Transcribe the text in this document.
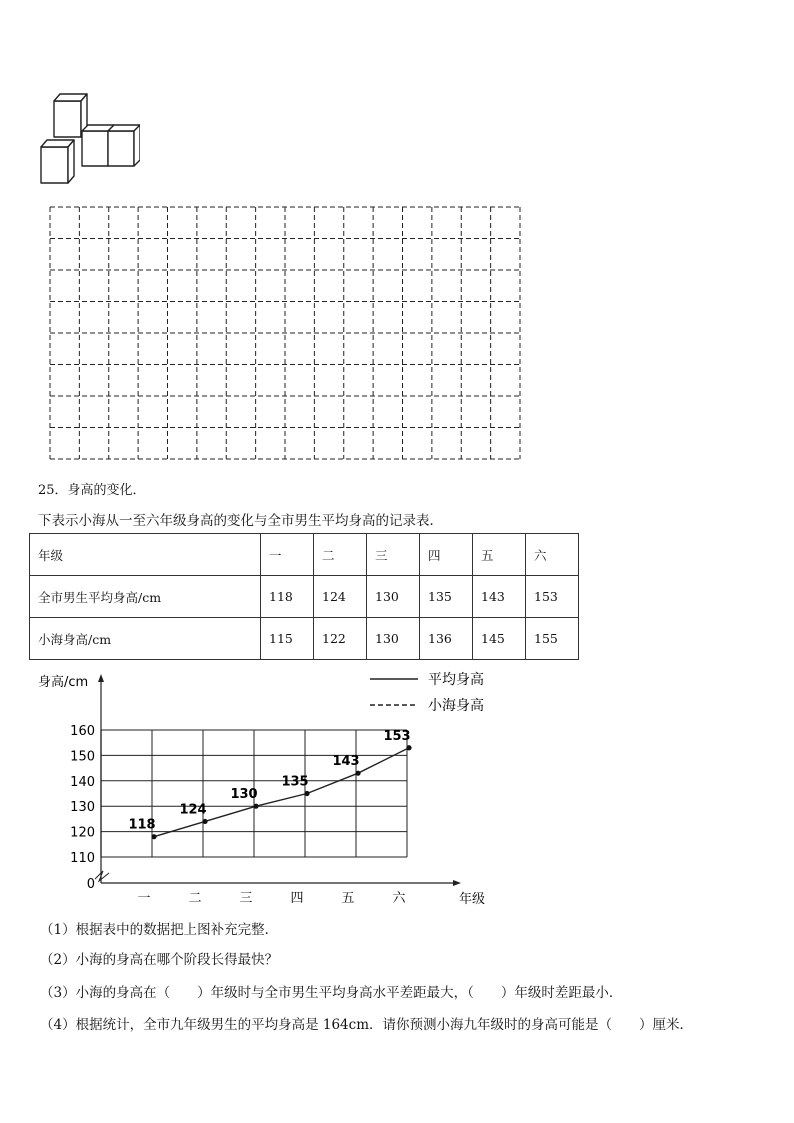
25．身高的变化．
下表示小海从一至六年级身高的变化与全市男生平均身高的记录表．
年级	一	二	三	四	五	六
全市男生平均身高/cm	118	124	130	135	143	153
小海身高/cm	115	122	130	136	145	155
0
110
120
130
140
150
160
一	二	三	四	五	六
身高/cm
年级
平均身高
小海身高
118
124
130
135
143
153
（1）根据表中的数据把上图补充完整．
（2）小海的身高在哪个阶段长得最快？
（3）小海的身高在（　　）年级时与全市男生平均身高水平差距最大，（　　）年级时差距最小．
（4）根据统计，全市九年级男生的平均身高是 164cm．请你预测小海九年级时的身高可能是（　　）厘米．
